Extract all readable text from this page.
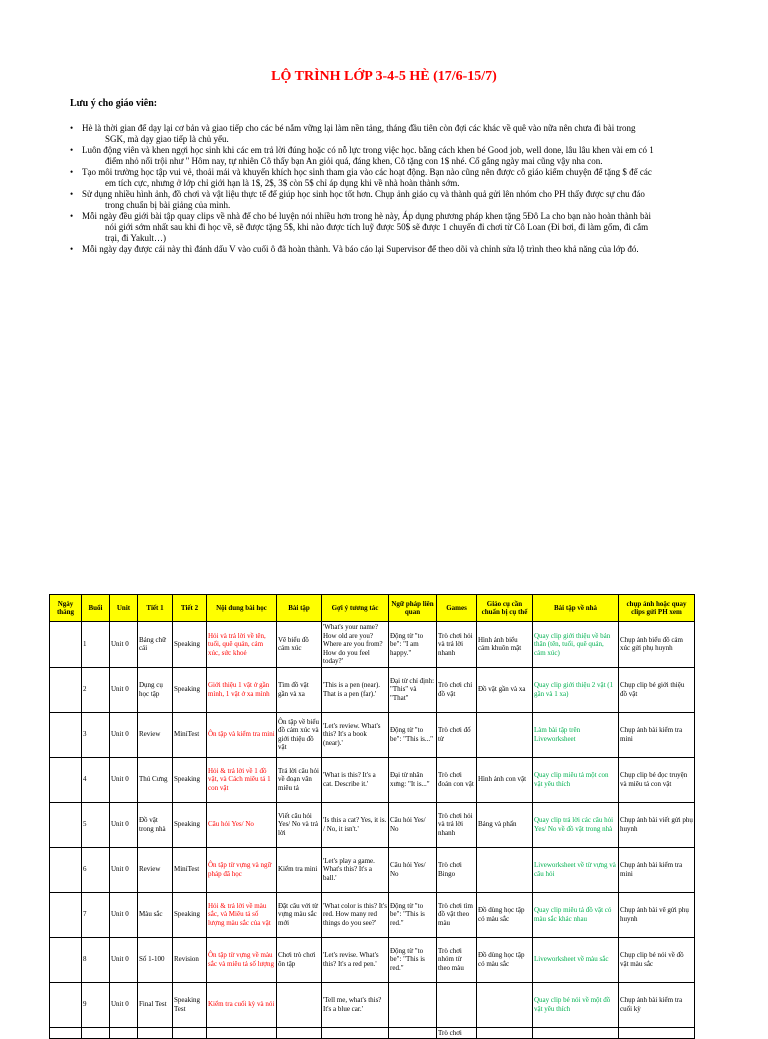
LỘ TRÌNH LỚP 3-4-5 HÈ (17/6-15/7)
Lưu ý cho giáo viên:
• Hè là thời gian để dạy lại cơ bản và giao tiếp cho các bé nắm vững lại làm nền tảng, tháng đầu tiên còn đợi các khác về quê vào nữa nên chưa đi bài trong
SGK, mà dạy giao tiếp là chủ yếu.
• Luôn động viên và khen ngợi học sinh khi các em trả lời đúng hoặc có nỗ lực trong việc học. bằng cách khen bé Good job, well done, lâu lâu khen vài em có 1
điểm nhỏ nổi trội như " Hôm nay, tự nhiên Cô thấy bạn An giỏi quá, đáng khen, Cô tặng con 1$ nhé. Cố gắng ngày mai cũng vậy nha con.
• Tạo môi trường học tập vui vẻ, thoải mái và khuyến khích học sinh tham gia vào các hoạt động. Bạn nào cũng nên được cô giáo kiểm chuyện để tặng $ để các
em tích cực, nhưng ở lớp chỉ giới hạn là 1$, 2$, 3$ còn 5$ chỉ áp dụng khi về nhà hoàn thành sớm.
• Sử dụng nhiều hình ảnh, đồ chơi và vật liệu thực tế để giúp học sinh học tốt hơn. Chụp ảnh giáo cụ và thành quả gửi lên nhóm cho PH thấy được sự chu đáo
trong chuẩn bị bài giảng của mình.
• Mỗi ngày đều giới bài tập quay clips về nhà để cho bé luyện nói nhiều hơn trong hè này, Áp dụng phương pháp khen tặng 5Đô La cho bạn nào hoàn thành bài
nói giới sớm nhất sau khi đi học về, sẽ được tặng 5$, khi nào được tích luỹ được 50$ sẽ được 1 chuyến đi chơi từ Cô Loan (Đi bơi, đi làm gốm, đi cắm
trại, đi Yakult…)
• Mỗi ngày dạy được cái này thì đánh dấu V vào cuối ô đã hoàn thành. Và báo cáo lại Supervisor để theo dõi và chỉnh sửa lộ trình theo khả năng của lớp đó.
Ngày tháng	Buổi	Unit	Tiết 1	Tiết 2	Nội dung bài học	Bài tập	Gợi ý tương tác	Ngữ pháp liên quan	Games	Giáo cụ cần chuẩn bị cụ thể	Bài tập về nhà	chụp ảnh hoặc quay clips gửi PH xem
	1	Unit 0	Bảng chữ cái	Speaking	Hỏi và trả lời về tên, tuổi, quê quán, cảm xúc, sức khoẻ	Vẽ biểu đồ cảm xúc	'What's your name? How old are you? Where are you from? How do you feel today?'	Động từ "to be": "I am happy."	Trò chơi hỏi và trả lời nhanh	Hình ảnh biểu cảm khuôn mặt	Quay clip giới thiệu về bản thân (tên, tuổi, quê quán, cảm xúc)	Chụp ảnh biểu đồ cảm xúc gửi phụ huynh
	2	Unit 0	Dụng cụ học tập	Speaking	Giới thiệu 1 vật ở gần mình, 1 vật ở xa mình	Tìm đồ vật gần và xa	'This is a pen (near). That is a pen (far).'	Đại từ chỉ định: "This" và "That"	Trò chơi chỉ đồ vật	Đồ vật gần và xa	Quay clip giới thiệu 2 vật (1 gần và 1 xa)	Chụp clip bé giới thiệu đồ vật
	3	Unit 0	Review	MiniTest	Ôn tập và kiểm tra mini	Ôn tập về biểu đồ cảm xúc và giới thiệu đồ vật	'Let's review. What's this? It's a book (near).'	Động từ "to be": "This is..."	Trò chơi đố từ		Làm bài tập trên Liveworksheet	Chụp ảnh bài kiểm tra mini
	4	Unit 0	Thú Cưng	Speaking	Hỏi & trả lời về 1 đồ vật, và Cách miêu tả 1 con vật	Trả lời câu hỏi về đoạn văn miêu tả	'What is this? It's a cat. Describe it.'	Đại từ nhân xưng: "It is..."	Trò chơi đoán con vật	Hình ảnh con vật	Quay clip miêu tả một con vật yêu thích	Chụp clip bé đọc truyện và miêu tả con vật
	5	Unit 0	Đồ vật trong nhà	Speaking	Câu hỏi Yes/ No	Viết câu hỏi Yes/ No và trả lời	'Is this a cat? Yes, it is. / No, it isn't.'	Câu hỏi Yes/ No	Trò chơi hỏi và trả lời nhanh	Bảng và phấn	Quay clip trả lời các câu hỏi Yes/ No về đồ vật trong nhà	Chụp ảnh bài viết gửi phụ huynh
	6	Unit 0	Review	MiniTest	Ôn tập từ vựng và ngữ pháp đã học	Kiểm tra mini	'Let's play a game. What's this? It's a ball.'	Câu hỏi Yes/ No	Trò chơi Bingo		Liveworksheet về từ vựng và câu hỏi	Chụp ảnh bài kiểm tra mini
	7	Unit 0	Màu sắc	Speaking	Hỏi & trả lời về màu sắc, và Miêu tả số lượng màu sắc của vật	Đặt câu với từ vựng màu sắc mới	'What color is this? It's red. How many red things do you see?'	Động từ "to be": "This is red."	Trò chơi tìm đồ vật theo màu	Đồ dùng học tập có màu sắc	Quay clip miêu tả đồ vật có màu sắc khác nhau	Chụp ảnh bài vẽ gửi phụ huynh
	8	Unit 0	Số 1-100	Revision	Ôn tập từ vựng về màu sắc và miêu tả số lượng	Chơi trò chơi ôn tập	'Let's revise. What's this? It's a red pen.'	Động từ "to be": "This is red."	Trò chơi nhóm từ theo màu	Đồ dùng học tập có màu sắc	Liveworksheet về màu sắc	Chụp clip bé nói về đồ vật màu sắc
	9	Unit 0	Final Test	Speaking Test	Kiểm tra cuối kỳ và nói		'Tell me, what's this? It's a blue car.'				Quay clip bé nói về một đồ vật yêu thích	Chụp ảnh bài kiểm tra cuối kỳ
									Trò chơi			
